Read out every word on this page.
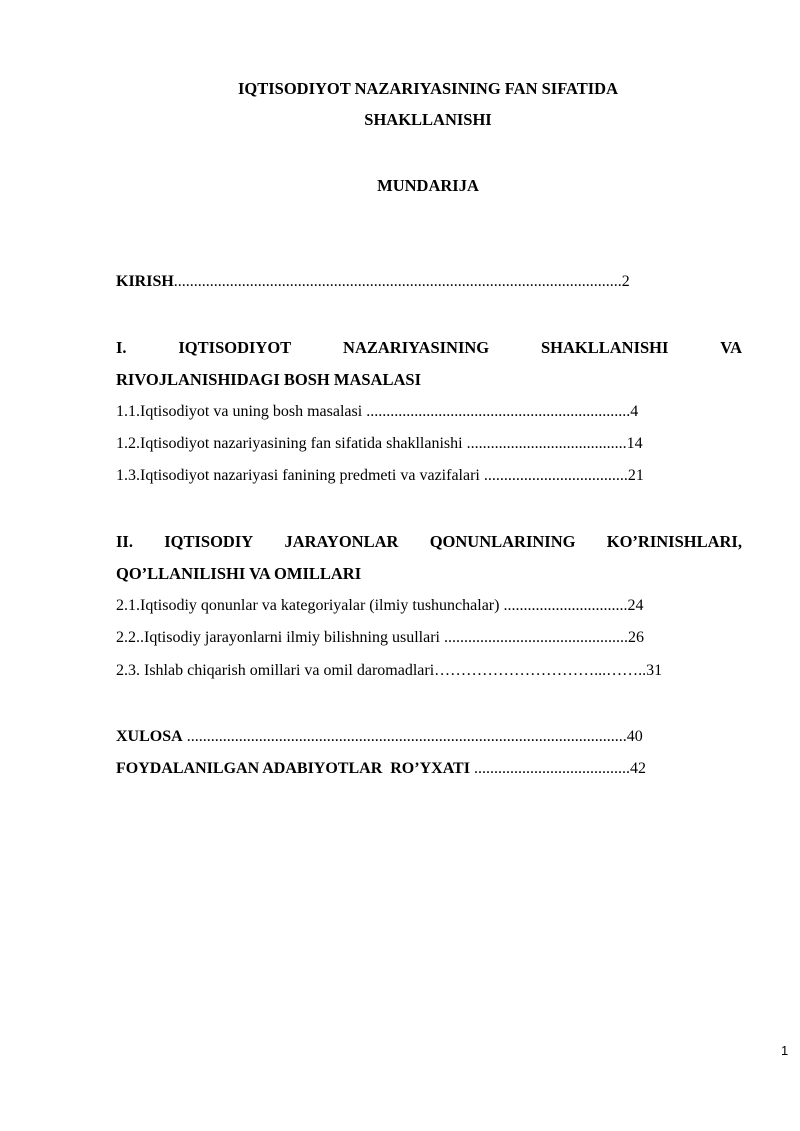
IQTISODIYOT NAZARIYASINING FAN SIFATIDA
SHAKLLANISHI
MUNDARIJA
KIRISH................................................................................................................2
I.	IQTISODIYOT	NAZARIYASINING	SHAKLLANISHI	VA
RIVOJLANISHIDAGI BOSH MASALASI
1.1.Iqtisodiyot va uning bosh masalasi ..................................................................4
1.2.Iqtisodiyot nazariyasining fan sifatida shakllanishi ........................................14
1.3.Iqtisodiyot nazariyasi fanining predmeti va vazifalari ....................................21
II. IQTISODIY JARAYONLAR QONUNLARINING KO’RINISHLARI,
QO’LLANILISHI VA OMILLARI
2.1.Iqtisodiy qonunlar va kategoriyalar (ilmiy tushunchalar) ...............................24
2.2..Iqtisodiy jarayonlarni ilmiy bilishning usullari ..............................................26
2.3. Ishlab chiqarish omillari va omil daromadlari…………………………...……..31
XULOSA ..............................................................................................................40
FOYDALANILGAN ADABIYOTLAR  RO’YXATI .......................................42
1
